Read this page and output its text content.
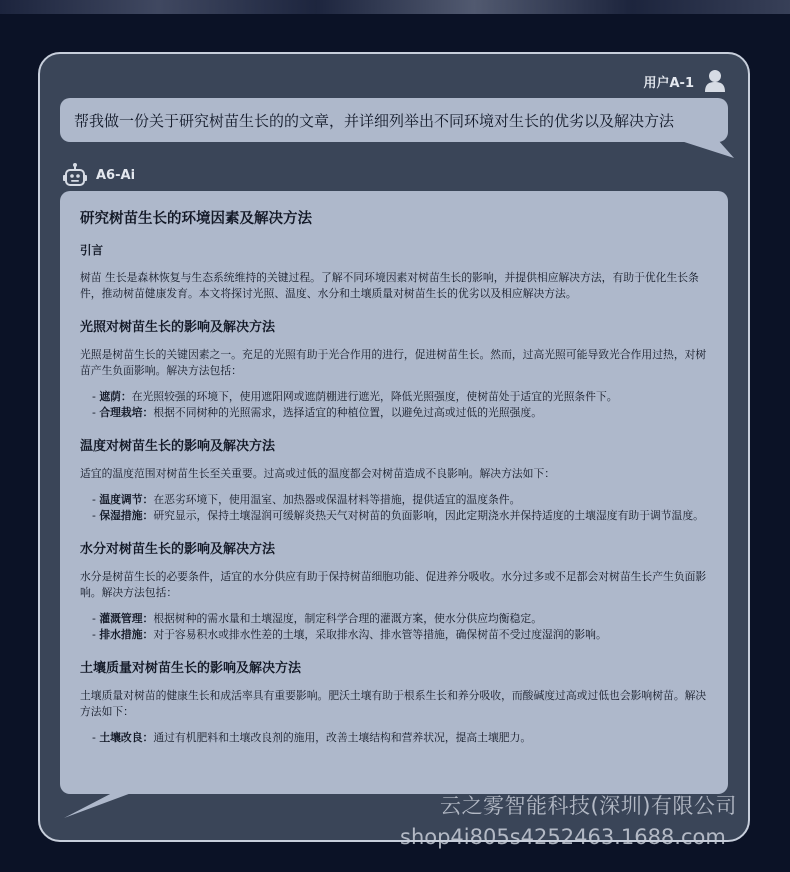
用户A-1
帮我做一份关于研究树苗生长的的文章，并详细列举出不同环境对生长的优劣以及解决方法
A6-Ai
研究树苗生长的环境因素及解决方法
引言

树苗 生长是森林恢复与生态系统维持的关键过程。了解不同环境因素对树苗生长的影响，并提供相应解决方法，有助于优化生长条件，推动树苗健康发育。本文将探讨光照、温度、水分和土壤质量对树苗生长的优劣以及相应解决方法。

光照对树苗生长的影响及解决方法

光照是树苗生长的关键因素之一。充足的光照有助于光合作用的进行，促进树苗生长。然而，过高光照可能导致光合作用过热，对树苗产生负面影响。解决方法包括：

- 遮荫：在光照较强的环境下，使用遮阳网或遮荫棚进行遮光，降低光照强度，使树苗处于适宜的光照条件下。
- 合理栽培：根据不同树种的光照需求，选择适宜的种植位置，以避免过高或过低的光照强度。
温度对树苗生长的影响及解决方法

适宜的温度范围对树苗生长至关重要。过高或过低的温度都会对树苗造成不良影响。解决方法如下：

- 温度调节：在恶劣环境下，使用温室、加热器或保温材料等措施，提供适宜的温度条件。
- 保湿措施：研究显示，保持土壤湿润可缓解炎热天气对树苗的负面影响，因此定期浇水并保持适度的土壤湿度有助于调节温度。
水分对树苗生长的影响及解决方法

水分是树苗生长的必要条件，适宜的水分供应有助于保持树苗细胞功能、促进养分吸收。水分过多或不足都会对树苗生长产生负面影响。解决方法包括：

- 灌溉管理：根据树种的需水量和土壤湿度，制定科学合理的灌溉方案，使水分供应均衡稳定。
- 排水措施：对于容易积水或排水性差的土壤，采取排水沟、排水管等措施，确保树苗不受过度湿润的影响。
土壤质量对树苗生长的影响及解决方法

土壤质量对树苗的健康生长和成活率具有重要影响。肥沃土壤有助于根系生长和养分吸收，而酸碱度过高或过低也会影响树苗。解决方法如下：

- 土壤改良：通过有机肥料和土壤改良剂的施用，改善土壤结构和营养状况，提高土壤肥力。
云之雾智能科技(深圳)有限公司
shop4i805s4252463.1688.com
